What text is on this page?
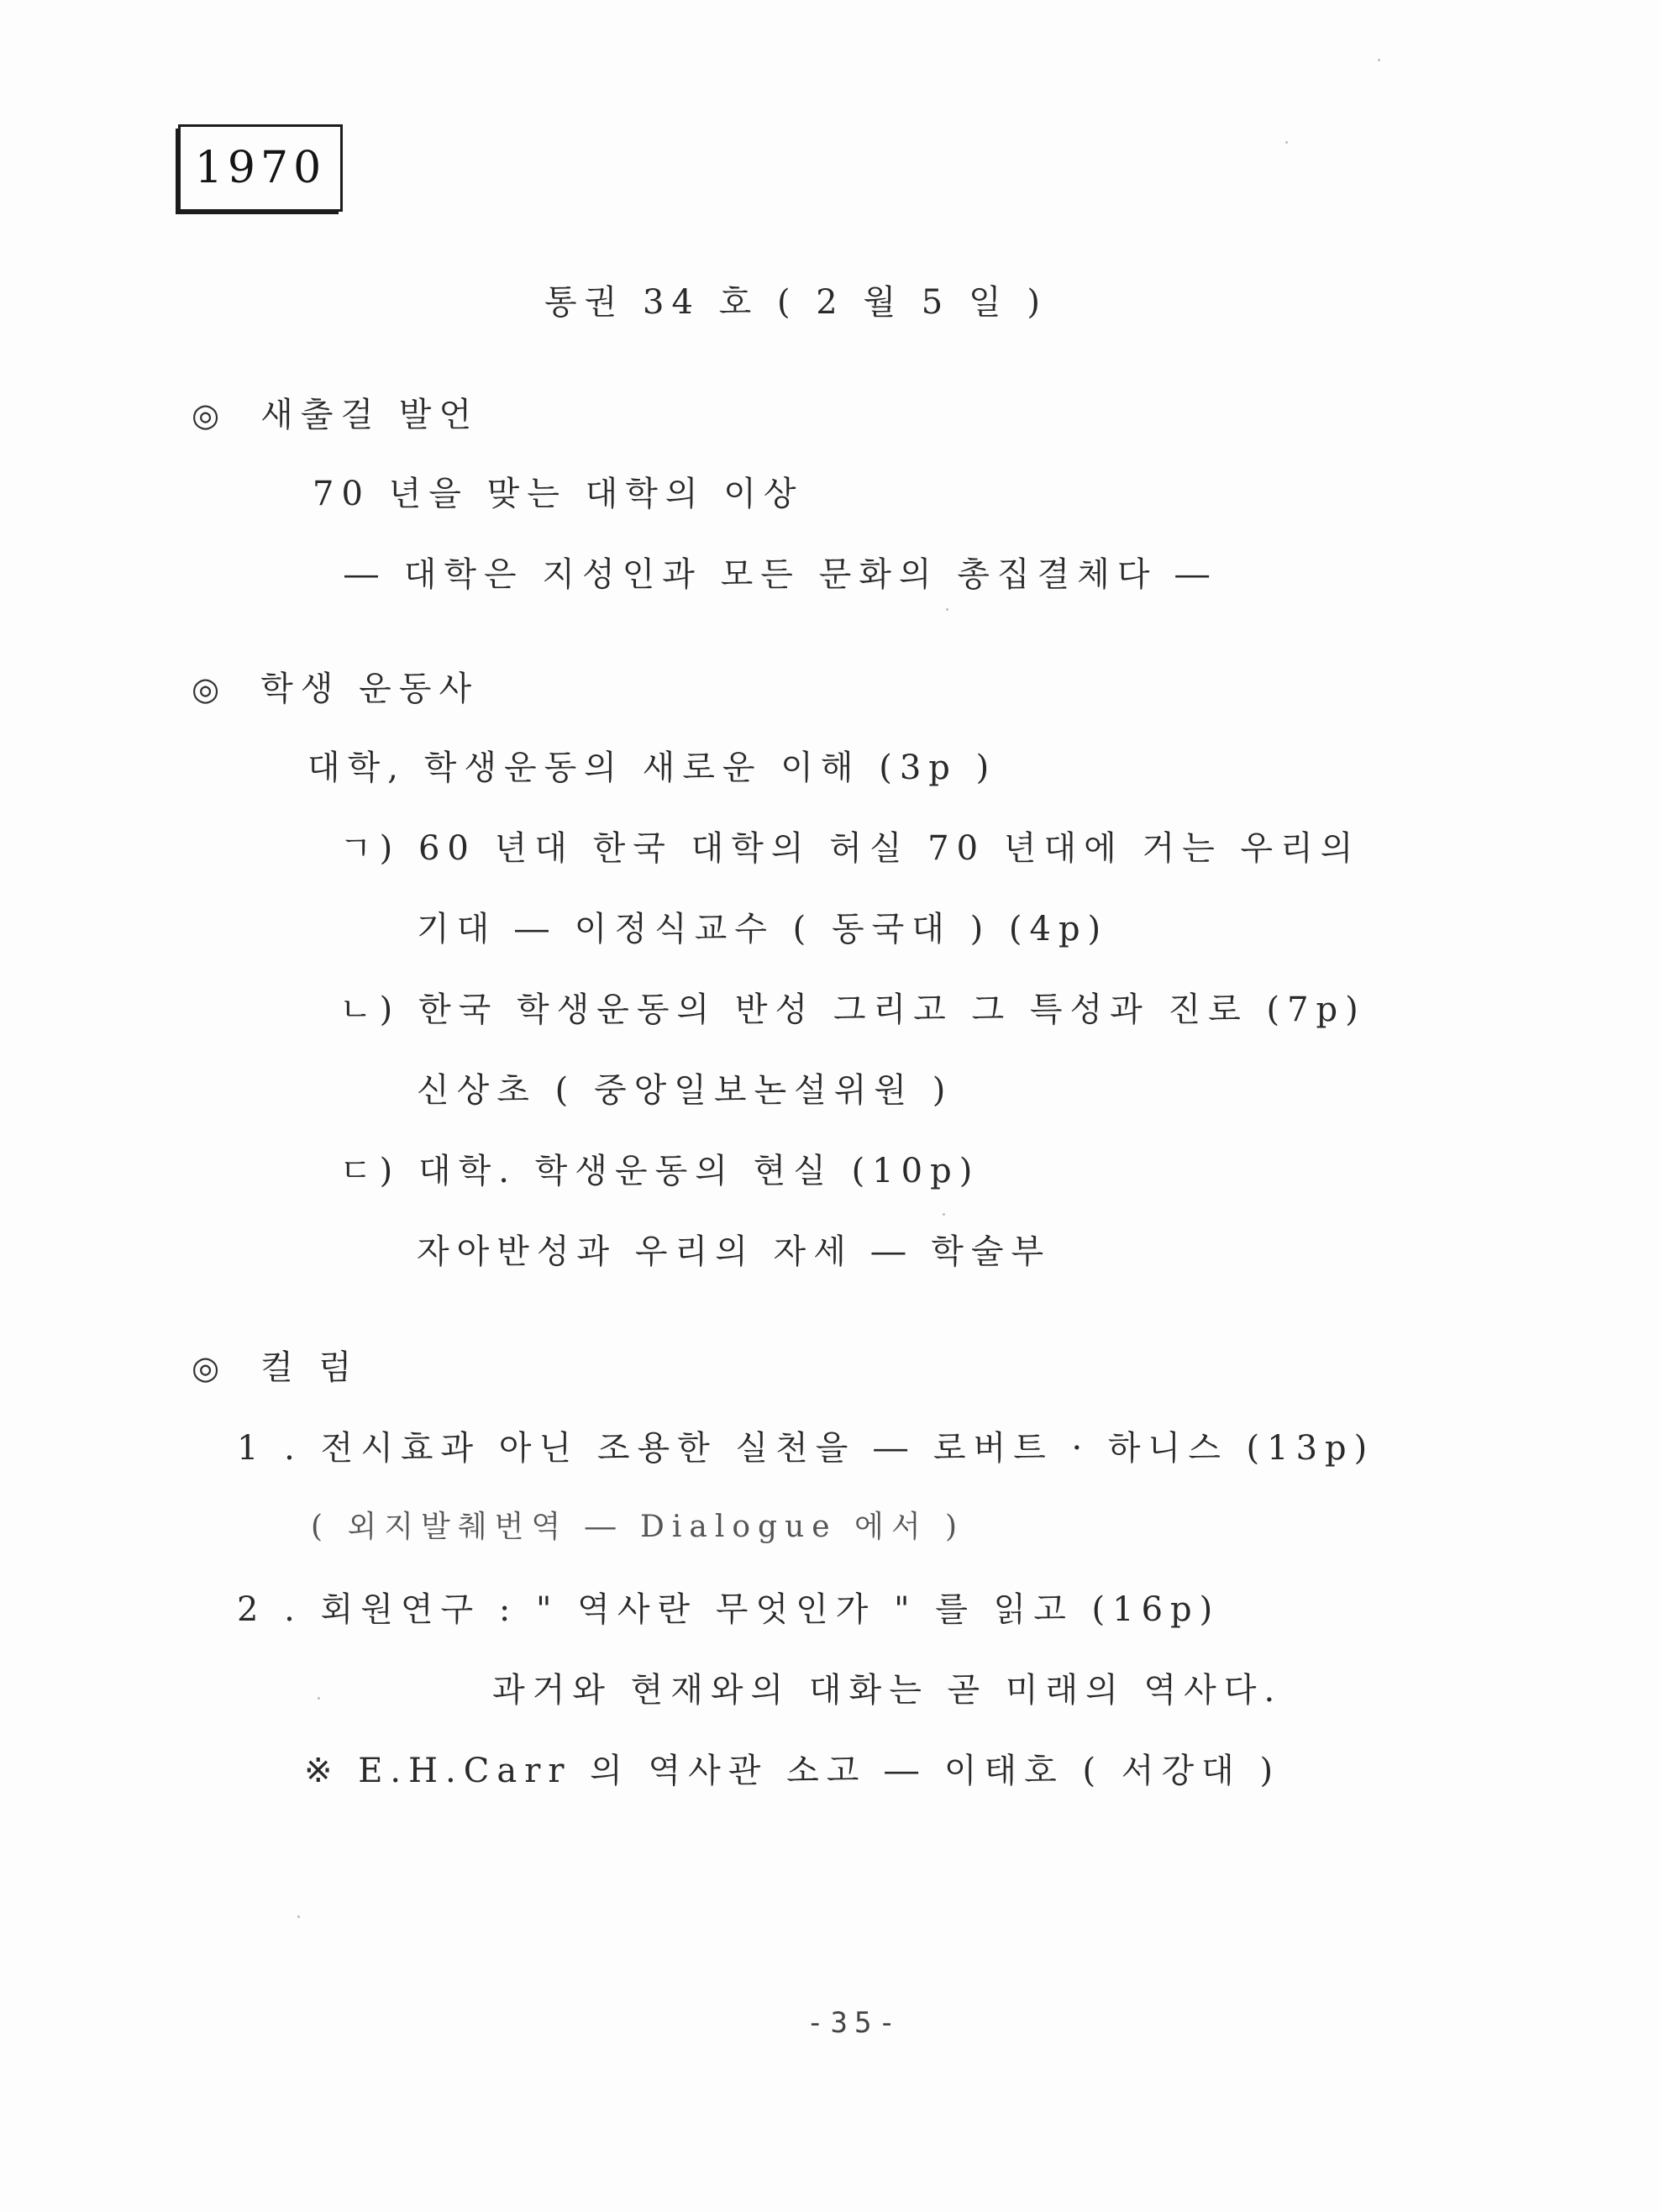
1970
통권 34 호 ( 2 월 5 일 )
◎ 새출걸 발언
70 년을 맞는 대학의 이상
― 대학은 지성인과 모든 문화의 총집결체다 ―
◎ 학생 운동사
대학, 학생운동의 새로운 이해 (3p )
ㄱ) 60 년대 한국 대학의 허실 70 년대에 거는 우리의
기대 ― 이정식교수 ( 동국대 ) (4p)
ㄴ) 한국 학생운동의 반성 그리고 그 특성과 진로 (7p)
신상초 ( 중앙일보논설위원 )
ㄷ) 대학. 학생운동의 현실 (10p)
자아반성과 우리의 자세 ― 학술부
◎ 컬 럼
1 . 전시효과 아닌 조용한 실천을 ― 로버트 · 하니스 (13p)
( 외지발췌번역 ― Dialogue 에서 )
2 . 회원연구 : " 역사란 무엇인가 " 를 읽고 (16p)
과거와 현재와의 대화는 곧 미래의 역사다.
※ E.H.Carr 의 역사관 소고 ― 이태호 ( 서강대 )
-35-
